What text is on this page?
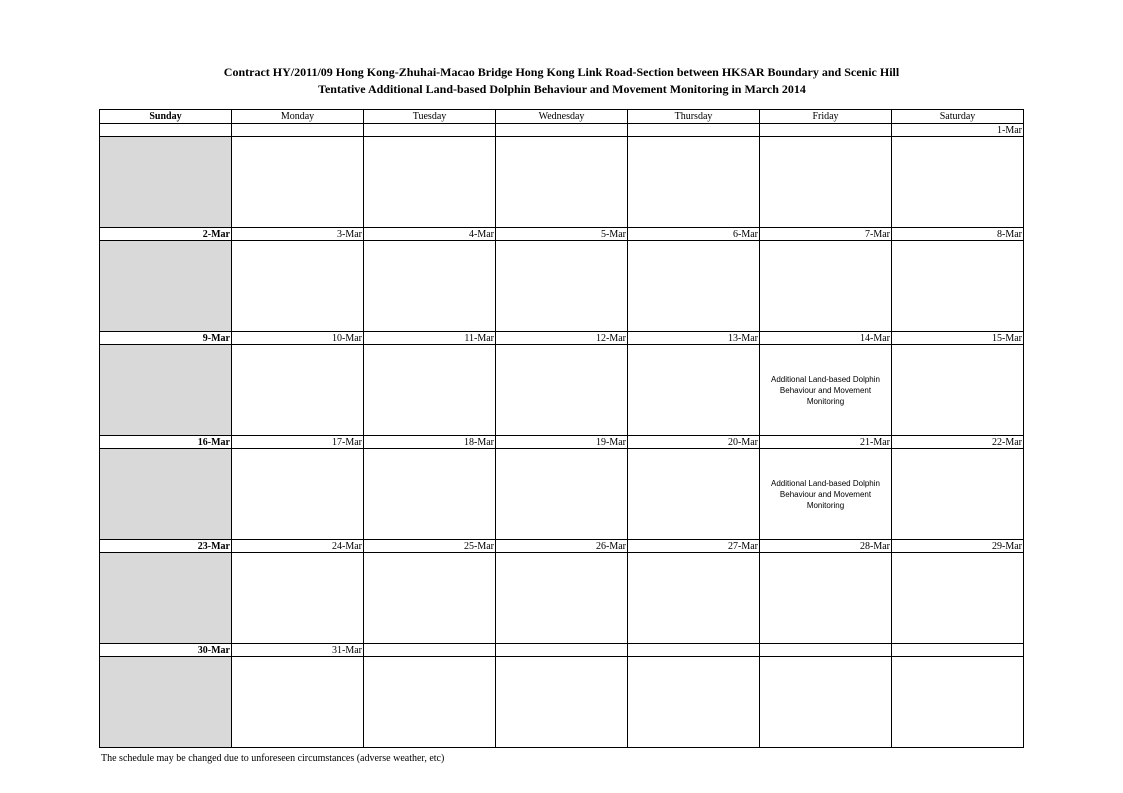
Contract HY/2011/09 Hong Kong-Zhuhai-Macao Bridge Hong Kong Link Road-Section between HKSAR Boundary and Scenic Hill
Tentative Additional Land-based Dolphin Behaviour and Movement Monitoring in March 2014
Sunday	Monday	Tuesday	Wednesday	Thursday	Friday	Saturday
						1-Mar

2-Mar	3-Mar	4-Mar	5-Mar	6-Mar	7-Mar	8-Mar

9-Mar	10-Mar	11-Mar	12-Mar	13-Mar	14-Mar	15-Mar

					Additional Land-based Dolphin Behaviour and Movement Monitoring	

16-Mar	17-Mar	18-Mar	19-Mar	20-Mar	21-Mar	22-Mar

					Additional Land-based Dolphin Behaviour and Movement Monitoring	

23-Mar	24-Mar	25-Mar	26-Mar	27-Mar	28-Mar	29-Mar

30-Mar	31-Mar					

The schedule may be changed due to unforeseen circumstances (adverse weather, etc)
